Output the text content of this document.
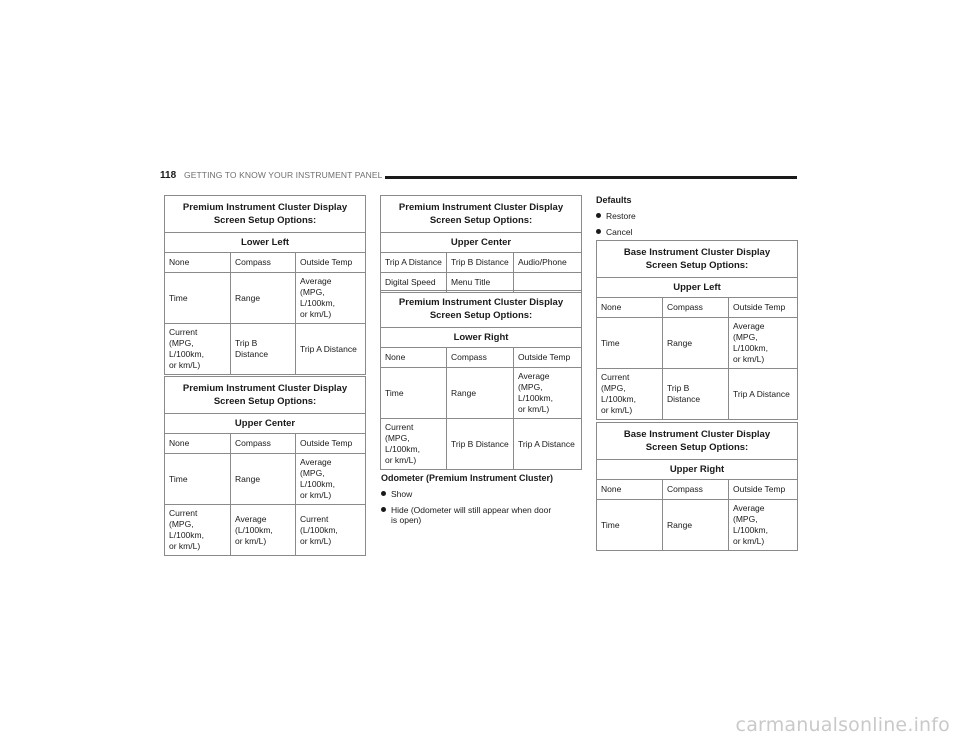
118 GETTING TO KNOW YOUR INSTRUMENT PANEL
Premium Instrument Cluster Display
Screen Setup Options:		
Lower Left		
None	Compass	Outside Temp
Time	Range	Average
(MPG,
L/100km,
or km/L)
Current
(MPG,
L/100km,
or km/L)	Trip B Distance	Trip A Distance
Premium Instrument Cluster Display
Screen Setup Options:		
Upper Center		
None	Compass	Outside Temp
Time	Range	Average
(MPG,
L/100km,
or km/L)
Current
(MPG,
L/100km,
or km/L)	Average
(L/100km,
or km/L)	Current
(L/100km,
or km/L)
Premium Instrument Cluster Display
Screen Setup Options:		
Upper Center		
Trip A Distance	Trip B Distance	Audio/Phone
Digital Speed	Menu Title	
Premium Instrument Cluster Display
Screen Setup Options:		
Lower Right		
None	Compass	Outside Temp
Time	Range	Average
(MPG,
L/100km,
or km/L)
Current
(MPG,
L/100km,
or km/L)	Trip B Distance	Trip A Distance
Odometer (Premium Instrument Cluster)
Show
Hide (Odometer will still appear when door
is open)
Defaults
Restore
Cancel
Base Instrument Cluster Display
Screen Setup Options:		
Upper Left		
None	Compass	Outside Temp
Time	Range	Average
(MPG,
L/100km,
or km/L)
Current
(MPG,
L/100km,
or km/L)	Trip B Distance	Trip A Distance
Base Instrument Cluster Display
Screen Setup Options:		
Upper Right		
None	Compass	Outside Temp
Time	Range	Average
(MPG,
L/100km,
or km/L)
carmanualsonline.info
